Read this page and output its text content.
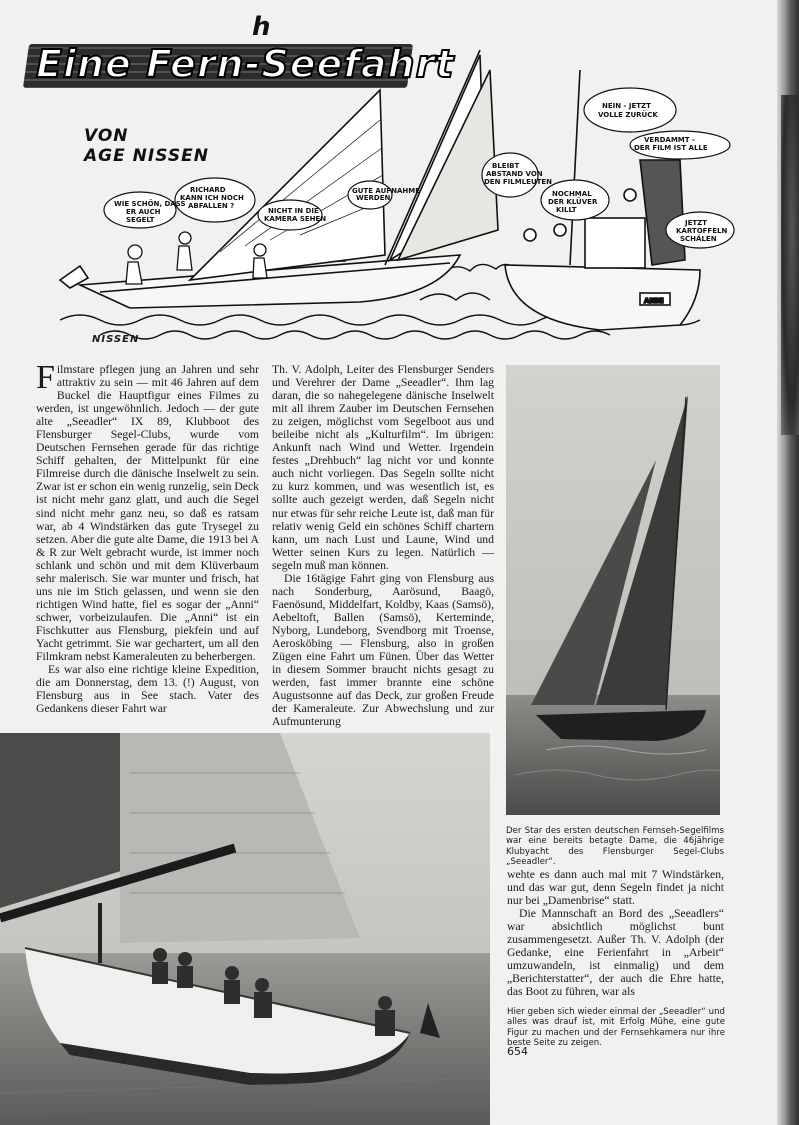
Eine Fern-Seefahrt
h
VON
AGE NISSEN
ANNI
WIE SCHÖN, DASS ER AUCH SEGELT
RICHARD KANN ICH NOCH ABFALLEN ?
NICHT IN DIE KAMERA SEHEN
GUTE AUFNAHME WERDEN
BLEIBT ABSTAND VON DEN FILMLEUTEN
NOCHMAL DER KLÜVER KILLT
NEIN - JETZT VOLLE ZURÜCK
VERDAMMT -DER FILM IST ALLE
JETZT KARTOFFELN SCHÄLEN
NISSEN

Filmstare pflegen jung an Jahren und sehr attraktiv zu sein — mit 46 Jahren auf dem Buckel die Hauptfigur eines Filmes zu werden, ist ungewöhnlich. Jedoch — der gute alte „Seeadler“ IX 89, Klubboot des Flensburger Segel-Clubs, wurde vom Deutschen Fernsehen gerade für das richtige Schiff gehalten, der Mittelpunkt für eine Filmreise durch die dänische Inselwelt zu sein. Zwar ist er schon ein wenig runzelig, sein Deck ist nicht mehr ganz glatt, und auch die Segel sind nicht mehr ganz neu, so daß es ratsam war, ab 4 Windstärken das gute Trysegel zu setzen. Aber die gute alte Dame, die 1913 bei A & R zur Welt gebracht wurde, ist immer noch schlank und schön und mit dem Klüverbaum sehr malerisch. Sie war munter und frisch, hat uns nie im Stich gelassen, und wenn sie den richtigen Wind hatte, fiel es sogar der „Anni“ schwer, vorbeizulaufen. Die „Anni“ ist ein Fischkutter aus Flensburg, piekfein und auf Yacht getrimmt. Sie war gechartert, um all den Filmkram nebst Kameraleuten zu beherbergen.

Es war also eine richtige kleine Expedition, die am Donnerstag, dem 13. (!) August, von Flensburg aus in See stach. Vater des Gedankens dieser Fahrt war

Th. V. Adolph, Leiter des Flensburger Senders und Verehrer der Dame „Seeadler“. Ihm lag daran, die so nahegelegene dänische Inselwelt mit all ihrem Zauber im Deutschen Fernsehen zu zeigen, möglichst vom Segelboot aus und beileibe nicht als „Kulturfilm“. Im übrigen: Ankunft nach Wind und Wetter. Irgendein festes „Drehbuch“ lag nicht vor und konnte auch nicht vorliegen. Das Segeln sollte nicht zu kurz kommen, und was wesentlich ist, es sollte auch gezeigt werden, daß Segeln nicht nur etwas für sehr reiche Leute ist, daß man für relativ wenig Geld ein schönes Schiff chartern kann, um nach Lust und Laune, Wind und Wetter seinen Kurs zu legen. Natürlich — segeln muß man können.

Die 16tägige Fahrt ging von Flensburg aus nach Sonderburg, Aarösund, Baagö, Faenösund, Middelfart, Koldby, Kaas (Samsö), Aebeltoft, Ballen (Samsö), Kerteminde, Nyborg, Lundeborg, Svendborg mit Troense, Aerosköbing — Flensburg, also in großen Zügen eine Fahrt um Fünen. Über das Wetter in diesem Sommer braucht nichts gesagt zu werden, fast immer brannte eine schöne Augustsonne auf das Deck, zur großen Freude der Kameraleute. Zur Abwechslung und zur Aufmunterung

Der Star des ersten deutschen Fernseh-Segelfilms war eine bereits betagte Dame, die 46jährige Klubyacht des Flensburger Segel-Clubs „Seeadler“.

wehte es dann auch mal mit 7 Windstärken, und das war gut, denn Segeln findet ja nicht nur bei „Damenbrise“ statt.

Die Mannschaft an Bord des „Seeadlers“ war absichtlich möglichst bunt zusammengesetzt. Außer Th. V. Adolph (der Gedanke, eine Ferienfahrt in „Arbeit“ umzuwandeln, ist einmalig) und dem „Berichterstatter“, der auch die Ehre hatte, das Boot zu führen, war als

Hier geben sich wieder einmal der „Seeadler“ und alles was drauf ist, mit Erfolg Mühe, eine gute Figur zu machen und der Fernsehkamera nur ihre beste Seite zu zeigen.
654
